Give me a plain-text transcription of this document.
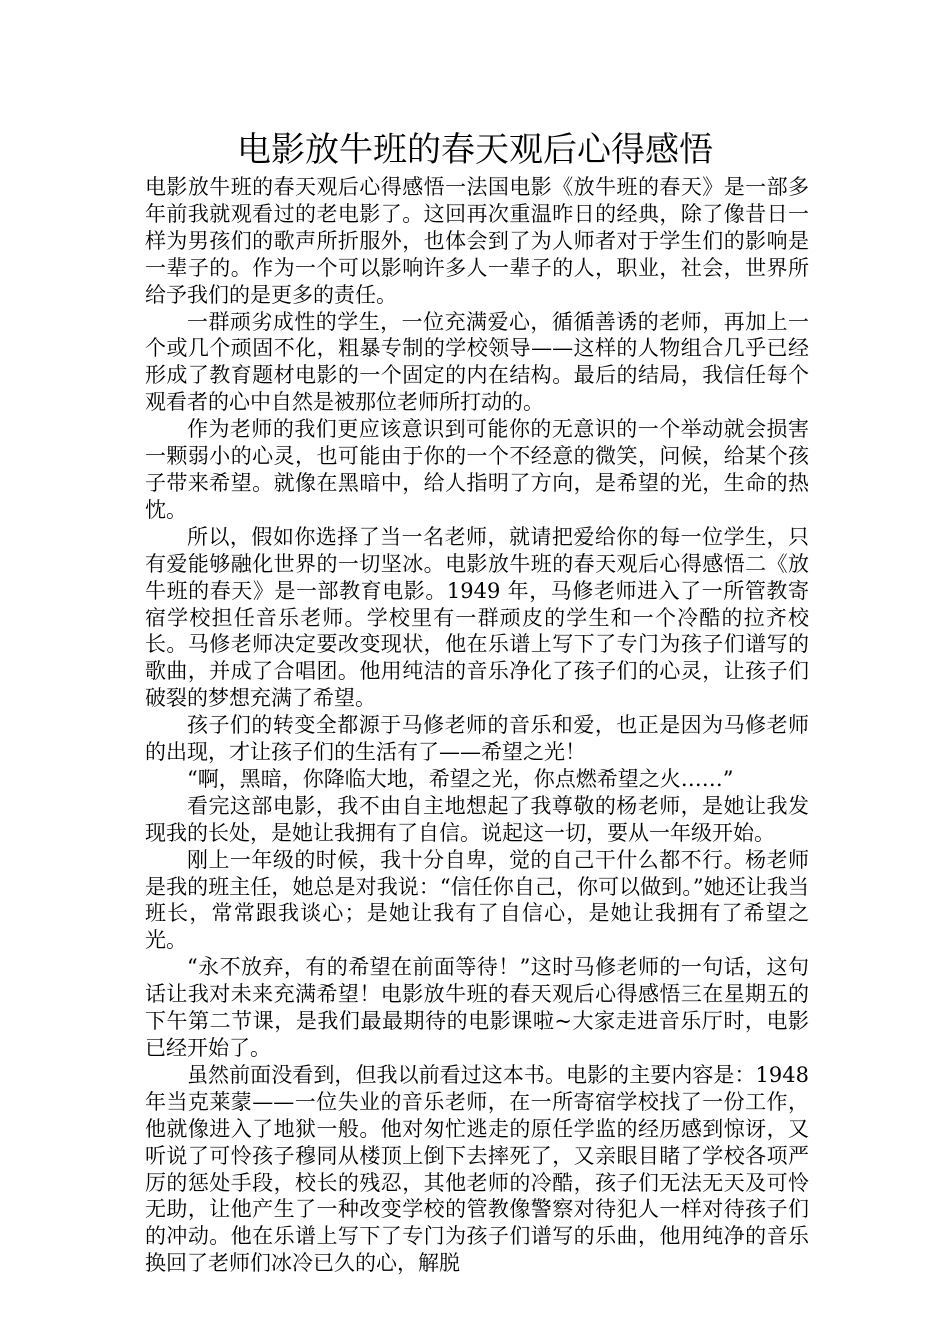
电影放牛班的春天观后心得感悟

电影放牛班的春天观后心得感悟一法国电影《放牛班的春天》是一部多年前我就观看过的老电影了。这回再次重温昨日的经典，除了像昔日一样为男孩们的歌声所折服外，也体会到了为人师者对于学生们的影响是一辈子的。作为一个可以影响许多人一辈子的人，职业，社会，世界所给予我们的是更多的责任。

一群顽劣成性的学生，一位充满爱心，循循善诱的老师，再加上一个或几个顽固不化，粗暴专制的学校领导——这样的人物组合几乎已经形成了教育题材电影的一个固定的内在结构。最后的结局，我信任每个观看者的心中自然是被那位老师所打动的。

作为老师的我们更应该意识到可能你的无意识的一个举动就会损害一颗弱小的心灵，也可能由于你的一个不经意的微笑，问候，给某个孩子带来希望。就像在黑暗中，给人指明了方向，是希望的光，生命的热忱。

所以，假如你选择了当一名老师，就请把爱给你的每一位学生，只有爱能够融化世界的一切坚冰。电影放牛班的春天观后心得感悟二《放牛班的春天》是一部教育电影。1949 年，马修老师进入了一所管教寄宿学校担任音乐老师。学校里有一群顽皮的学生和一个冷酷的拉齐校长。马修老师决定要改变现状，他在乐谱上写下了专门为孩子们谱写的歌曲，并成了合唱团。他用纯洁的音乐净化了孩子们的心灵，让孩子们破裂的梦想充满了希望。

孩子们的转变全都源于马修老师的音乐和爱，也正是因为马修老师的出现，才让孩子们的生活有了——希望之光！

“啊，黑暗，你降临大地，希望之光，你点燃希望之火……”

看完这部电影，我不由自主地想起了我尊敬的杨老师，是她让我发现我的长处，是她让我拥有了自信。说起这一切，要从一年级开始。

刚上一年级的时候，我十分自卑，觉的自己干什么都不行。杨老师是我的班主任，她总是对我说：“信任你自己，你可以做到。”她还让我当班长，常常跟我谈心；是她让我有了自信心，是她让我拥有了希望之光。

“永不放弃，有的希望在前面等待！”这时马修老师的一句话，这句话让我对未来充满希望！电影放牛班的春天观后心得感悟三在星期五的下午第二节课，是我们最最期待的电影课啦~大家走进音乐厅时，电影已经开始了。

虽然前面没看到，但我以前看过这本书。电影的主要内容是：1948 年当克莱蒙——一位失业的音乐老师，在一所寄宿学校找了一份工作，他就像进入了地狱一般。他对匆忙逃走的原任学监的经历感到惊讶，又听说了可怜孩子穆同从楼顶上倒下去摔死了，又亲眼目睹了学校各项严厉的惩处手段，校长的残忍，其他老师的冷酷，孩子们无法无天及可怜无助，让他产生了一种改变学校的管教像警察对待犯人一样对待孩子们的冲动。他在乐谱上写下了专门为孩子们谱写的乐曲，他用纯净的音乐换回了老师们冰冷已久的心，解脱
